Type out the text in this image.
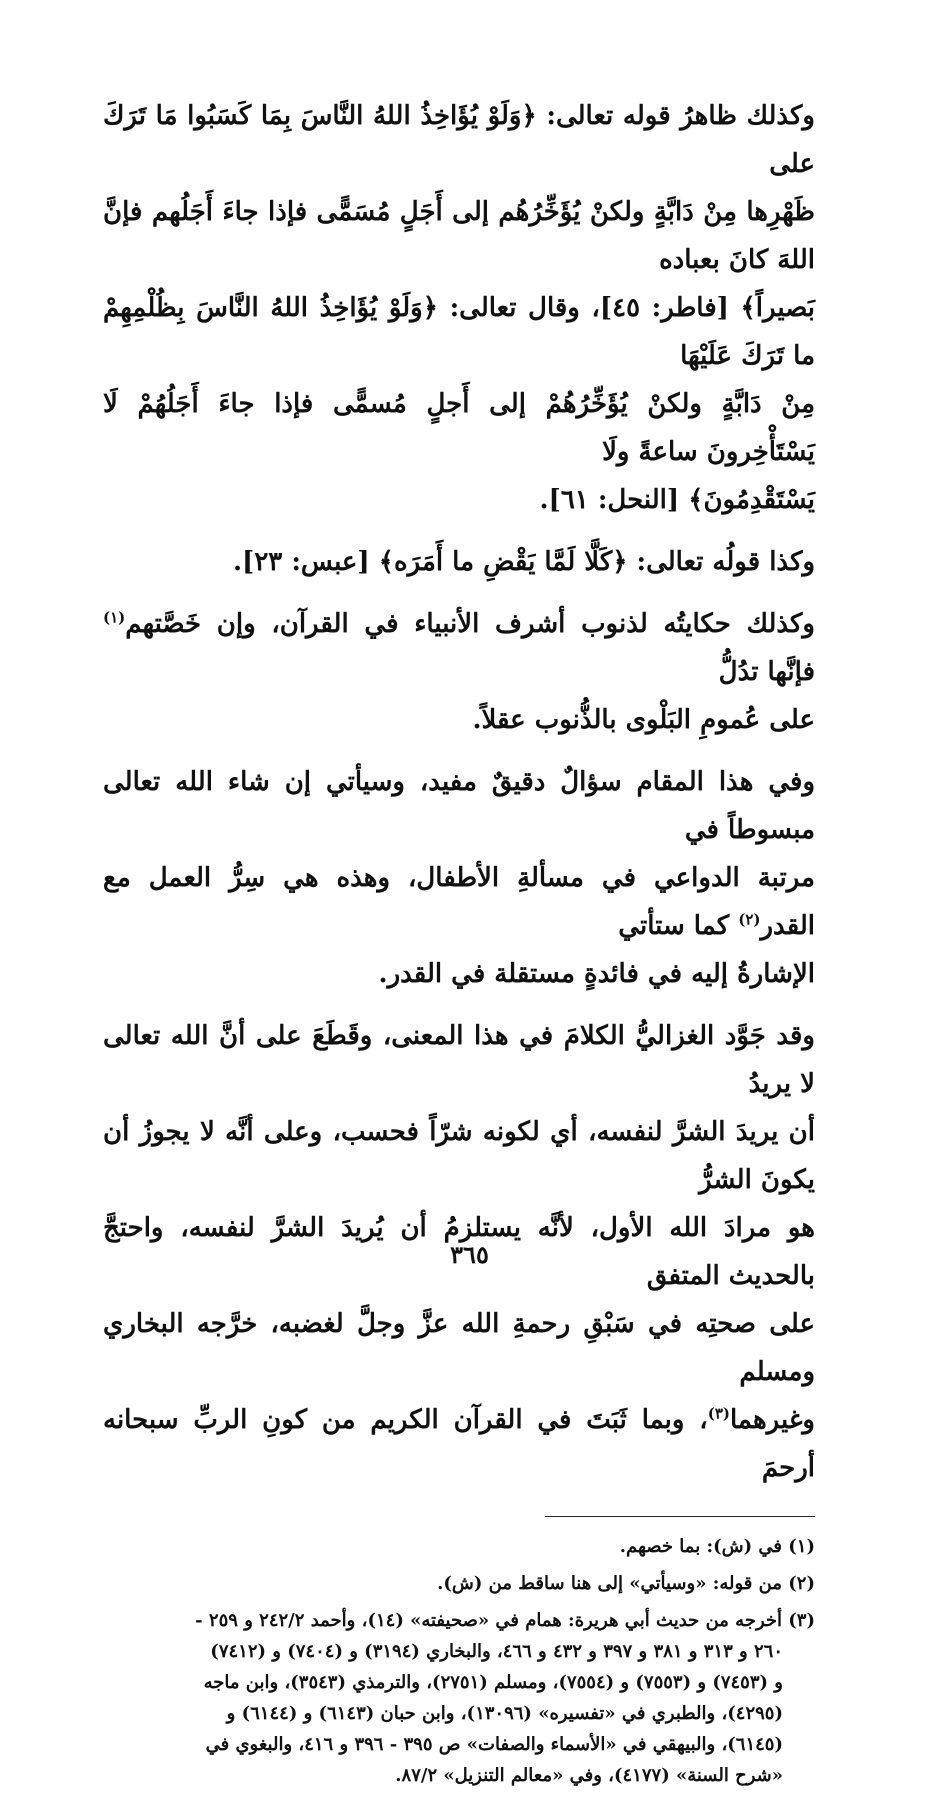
وكذلك ظاهرُ قوله تعالى: ﴿وَلَوْ يُؤَاخِذُ اللهُ النَّاسَ بِمَا كَسَبُوا مَا تَرَكَ على
ظَهْرِها مِنْ دَابَّةٍ ولكنْ يُؤَخِّرُهُم إلى أَجَلٍ مُسَمًّى فإذا جاءَ أَجَلُهم فإنَّ اللهَ كانَ بعباده
بَصيراً﴾ [فاطر: ٤٥]، وقال تعالى: ﴿وَلَوْ يُؤَاخِذُ اللهُ النَّاسَ بِظُلْمِهِمْ ما تَرَكَ عَلَيْهَا
مِنْ دَابَّةٍ ولكنْ يُؤَخِّرُهُمْ إلى أَجلٍ مُسمًّى فإذا جاءَ أَجَلُهُمْ لَا يَسْتَأْخِرونَ ساعةً ولَا
يَسْتَقْدِمُونَ﴾ [النحل: ٦١].

وكذا قولُه تعالى: ﴿كَلَّا لَمَّا يَقْضِ ما أَمَرَه﴾ [عبس: ٢٣].

وكذلك حكايتُه لذنوب أشرف الأنبياء في القرآن، وإن خَصَّتهم$^{(١)}$ فإنَّها تدُلُّ
على عُمومِ البَلْوى بالذُّنوب عقلاً.

وفي هذا المقام سؤالٌ دقيقٌ مفيد، وسيأتي إن شاء الله تعالى مبسوطاً في
مرتبة الدواعي في مسألةِ الأطفال، وهذه هي سِرُّ العمل مع القدر$^{(٢)}$ كما ستأتي
الإشارةُ إليه في فائدةٍ مستقلة في القدر.

وقد جَوَّد الغزاليُّ الكلامَ في هذا المعنى، وقَطَعَ على أنَّ الله تعالى لا يريدُ
أن يريدَ الشرَّ لنفسه، أي لكونه شرّاً فحسب، وعلى أنَّه لا يجوزُ أن يكونَ الشرُّ
هو مرادَ الله الأول، لأنَّه يستلزمُ أن يُريدَ الشرَّ لنفسه، واحتجَّ بالحديث المتفق
على صحتِه في سَبْقِ رحمةِ الله عزَّ وجلَّ لغضبه، خرَّجه البخاري ومسلم
وغيرهما$^{(٣)}$، وبما ثَبَتَ في القرآن الكريم من كونِ الربِّ سبحانه أرحمَ

(١) في (ش): بما خصهم.

(٢) من قوله: «وسيأتي» إلى هنا ساقط من (ش).

(٣) أخرجه من حديث أبي هريرة: همام في «صحيفته» (١٤)، وأحمد ٢٤٢/٢ و ٢٥٩ -
٢٦٠ و ٣١٣ و ٣٨١ و ٣٩٧ و ٤٣٢ و ٤٦٦، والبخاري (٣١٩٤) و (٧٤٠٤) و (٧٤١٢)
و (٧٤٥٣) و (٧٥٥٣) و (٧٥٥٤)، ومسلم (٢٧٥١)، والترمذي (٣٥٤٣)، وابن ماجه
(٤٢٩٥)، والطبري في «تفسيره» (١٣٠٩٦)، وابن حبان (٦١٤٣) و (٦١٤٤) و
(٦١٤٥)، والبيهقي في «الأسماء والصفات» ص ٣٩٥ - ٣٩٦ و ٤١٦، والبغوي في
«شرح السنة» (٤١٧٧)، وفي «معالم التنزيل» ٨٧/٢.

٣٦٥
